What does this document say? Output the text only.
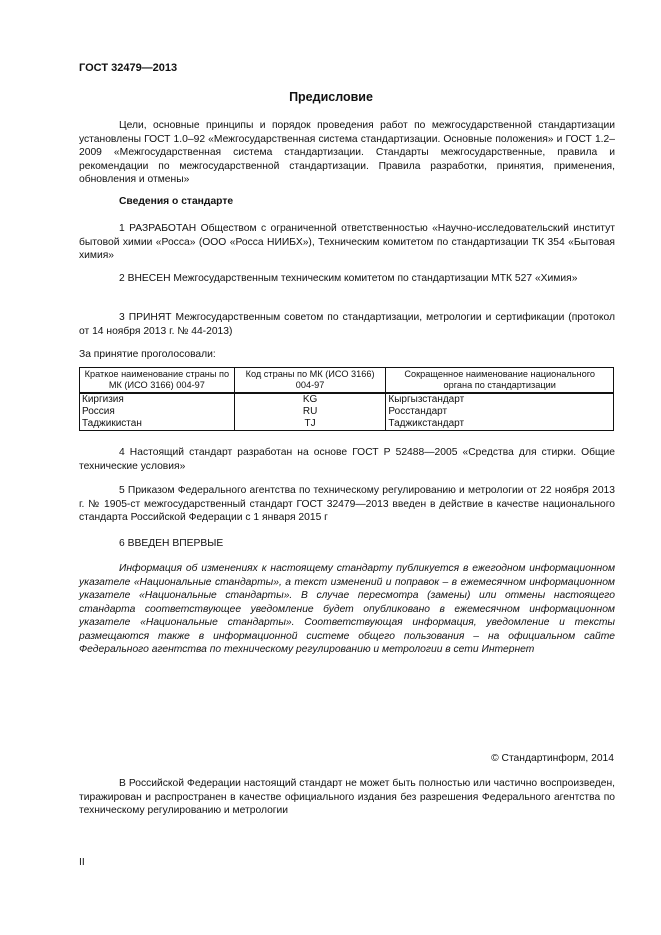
ГОСТ 32479—2013
Предисловие

Цели, основные принципы и порядок проведения работ по межгосударственной стандартизации установлены ГОСТ 1.0–92 «Межгосударственная система стандартизации. Основные положения» и ГОСТ 1.2–2009 «Межгосударственная система стандартизации. Стандарты межгосударственные, правила и рекомендации по межгосударственной стандартизации. Правила разработки, принятия, применения, обновления и отмены»

Сведения о стандарте

1 РАЗРАБОТАН Обществом с ограниченной ответственностью «Научно-исследовательский институт бытовой химии «Росса» (ООО «Росса НИИБХ»), Техническим комитетом по стандартизации ТК 354 «Бытовая химия»

2 ВНЕСЕН Межгосударственным техническим комитетом по стандартизации МТК 527 «Химия»

3 ПРИНЯТ Межгосударственным советом по стандартизации, метрологии и сертификации (протокол от 14 ноября 2013 г. № 44-2013)

За принятие проголосовали:
Краткое наименование страны по МК (ИСО 3166) 004-97	Код страны по МК (ИСО 3166) 004-97	Сокращенное наименование национального органа по стандартизации
Киргизия	KG	Кыргызстандарт
Россия	RU	Росстандарт
Таджикистан	TJ	Таджикстандарт

4 Настоящий стандарт разработан на основе ГОСТ Р 52488—2005 «Средства для стирки. Общие технические условия»

5 Приказом Федерального агентства по техническому регулированию и метрологии от 22 ноября 2013 г. № 1905-ст межгосударственный стандарт ГОСТ 32479—2013 введен в действие в качестве национального стандарта Российской Федерации с 1 января 2015 г

6 ВВЕДЕН ВПЕРВЫЕ

Информация об изменениях к настоящему стандарту публикуется в ежегодном информационном указателе «Национальные стандарты», а текст изменений и поправок – в ежемесячном информационном указателе «Национальные стандарты». В случае пересмотра (замены) или отмены настоящего стандарта соответствующее уведомление будет опубликовано в ежемесячном информационном указателе «Национальные стандарты». Соответствующая информация, уведомление и тексты размещаются также в информационной системе общего пользования – на официальном сайте Федерального агентства по техническому регулированию и метрологии в сети Интернет

© Стандартинформ, 2014

В Российской Федерации настоящий стандарт не может быть полностью или частично воспроизведен, тиражирован и распространен в качестве официального издания без разрешения Федерального агентства по техническому регулированию и метрологии

II
